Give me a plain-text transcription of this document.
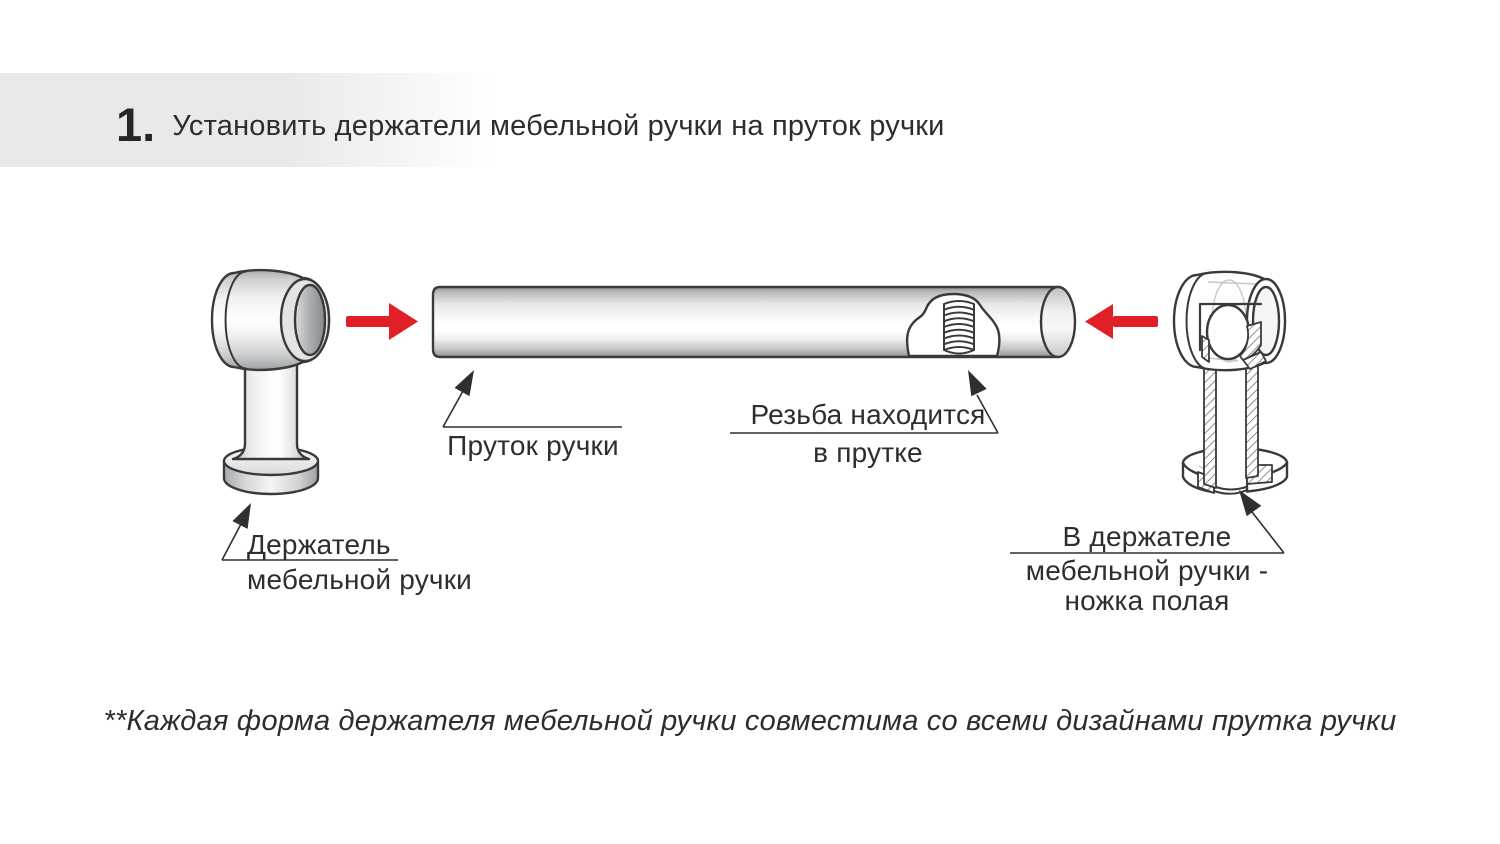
1. Установить держатели мебельной ручки на пруток ручки
Держатель
мебельной ручки
Пруток ручки
Резьба находится
в прутке
В держателе
мебельной ручки -
ножка полая
**Каждая форма держателя мебельной ручки совместима со всеми дизайнами прутка ручки
